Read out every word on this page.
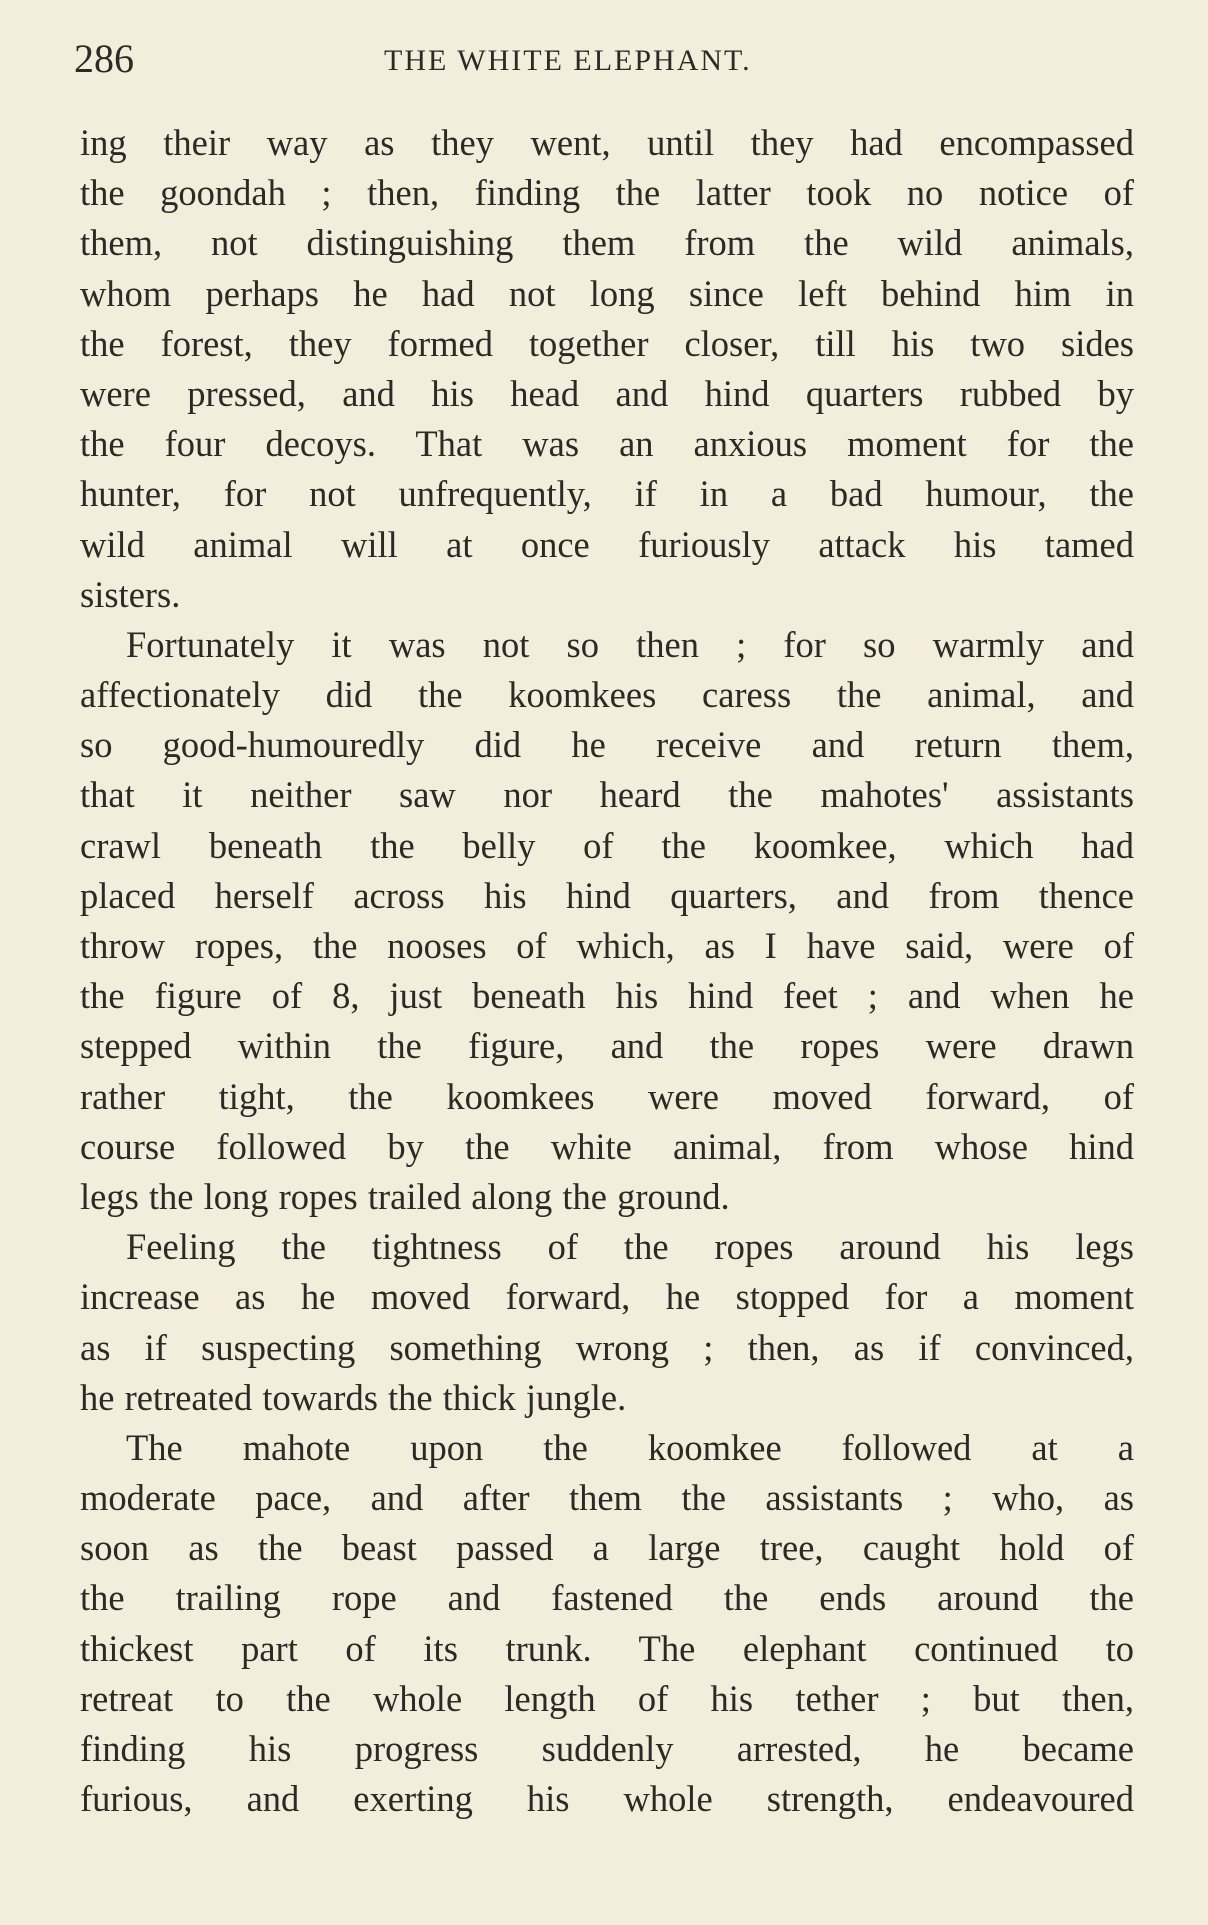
286	THE WHITE ELEPHANT.
ing their way as they went, until they had encompassed
the goondah ; then, finding the latter took no notice of
them, not distinguishing them from the wild animals,
whom perhaps he had not long since left behind him in
the forest, they formed together closer, till his two sides
were pressed, and his head and hind quarters rubbed by
the four decoys. That was an anxious moment for the
hunter, for not unfrequently, if in a bad humour, the
wild animal will at once furiously attack his tamed
sisters.
Fortunately it was not so then ; for so warmly and
affectionately did the koomkees caress the animal, and
so good-humouredly did he receive and return them,
that it neither saw nor heard the mahotes' assistants
crawl beneath the belly of the koomkee, which had
placed herself across his hind quarters, and from thence
throw ropes, the nooses of which, as I have said, were of
the figure of 8, just beneath his hind feet ; and when he
stepped within the figure, and the ropes were drawn
rather tight, the koomkees were moved forward, of
course followed by the white animal, from whose hind
legs the long ropes trailed along the ground.
Feeling the tightness of the ropes around his legs
increase as he moved forward, he stopped for a moment
as if suspecting something wrong ; then, as if convinced,
he retreated towards the thick jungle.
The mahote upon the koomkee followed at a
moderate pace, and after them the assistants ; who, as
soon as the beast passed a large tree, caught hold of
the trailing rope and fastened the ends around the
thickest part of its trunk. The elephant continued to
retreat to the whole length of his tether ; but then,
finding his progress suddenly arrested, he became
furious, and exerting his whole strength, endeavoured
